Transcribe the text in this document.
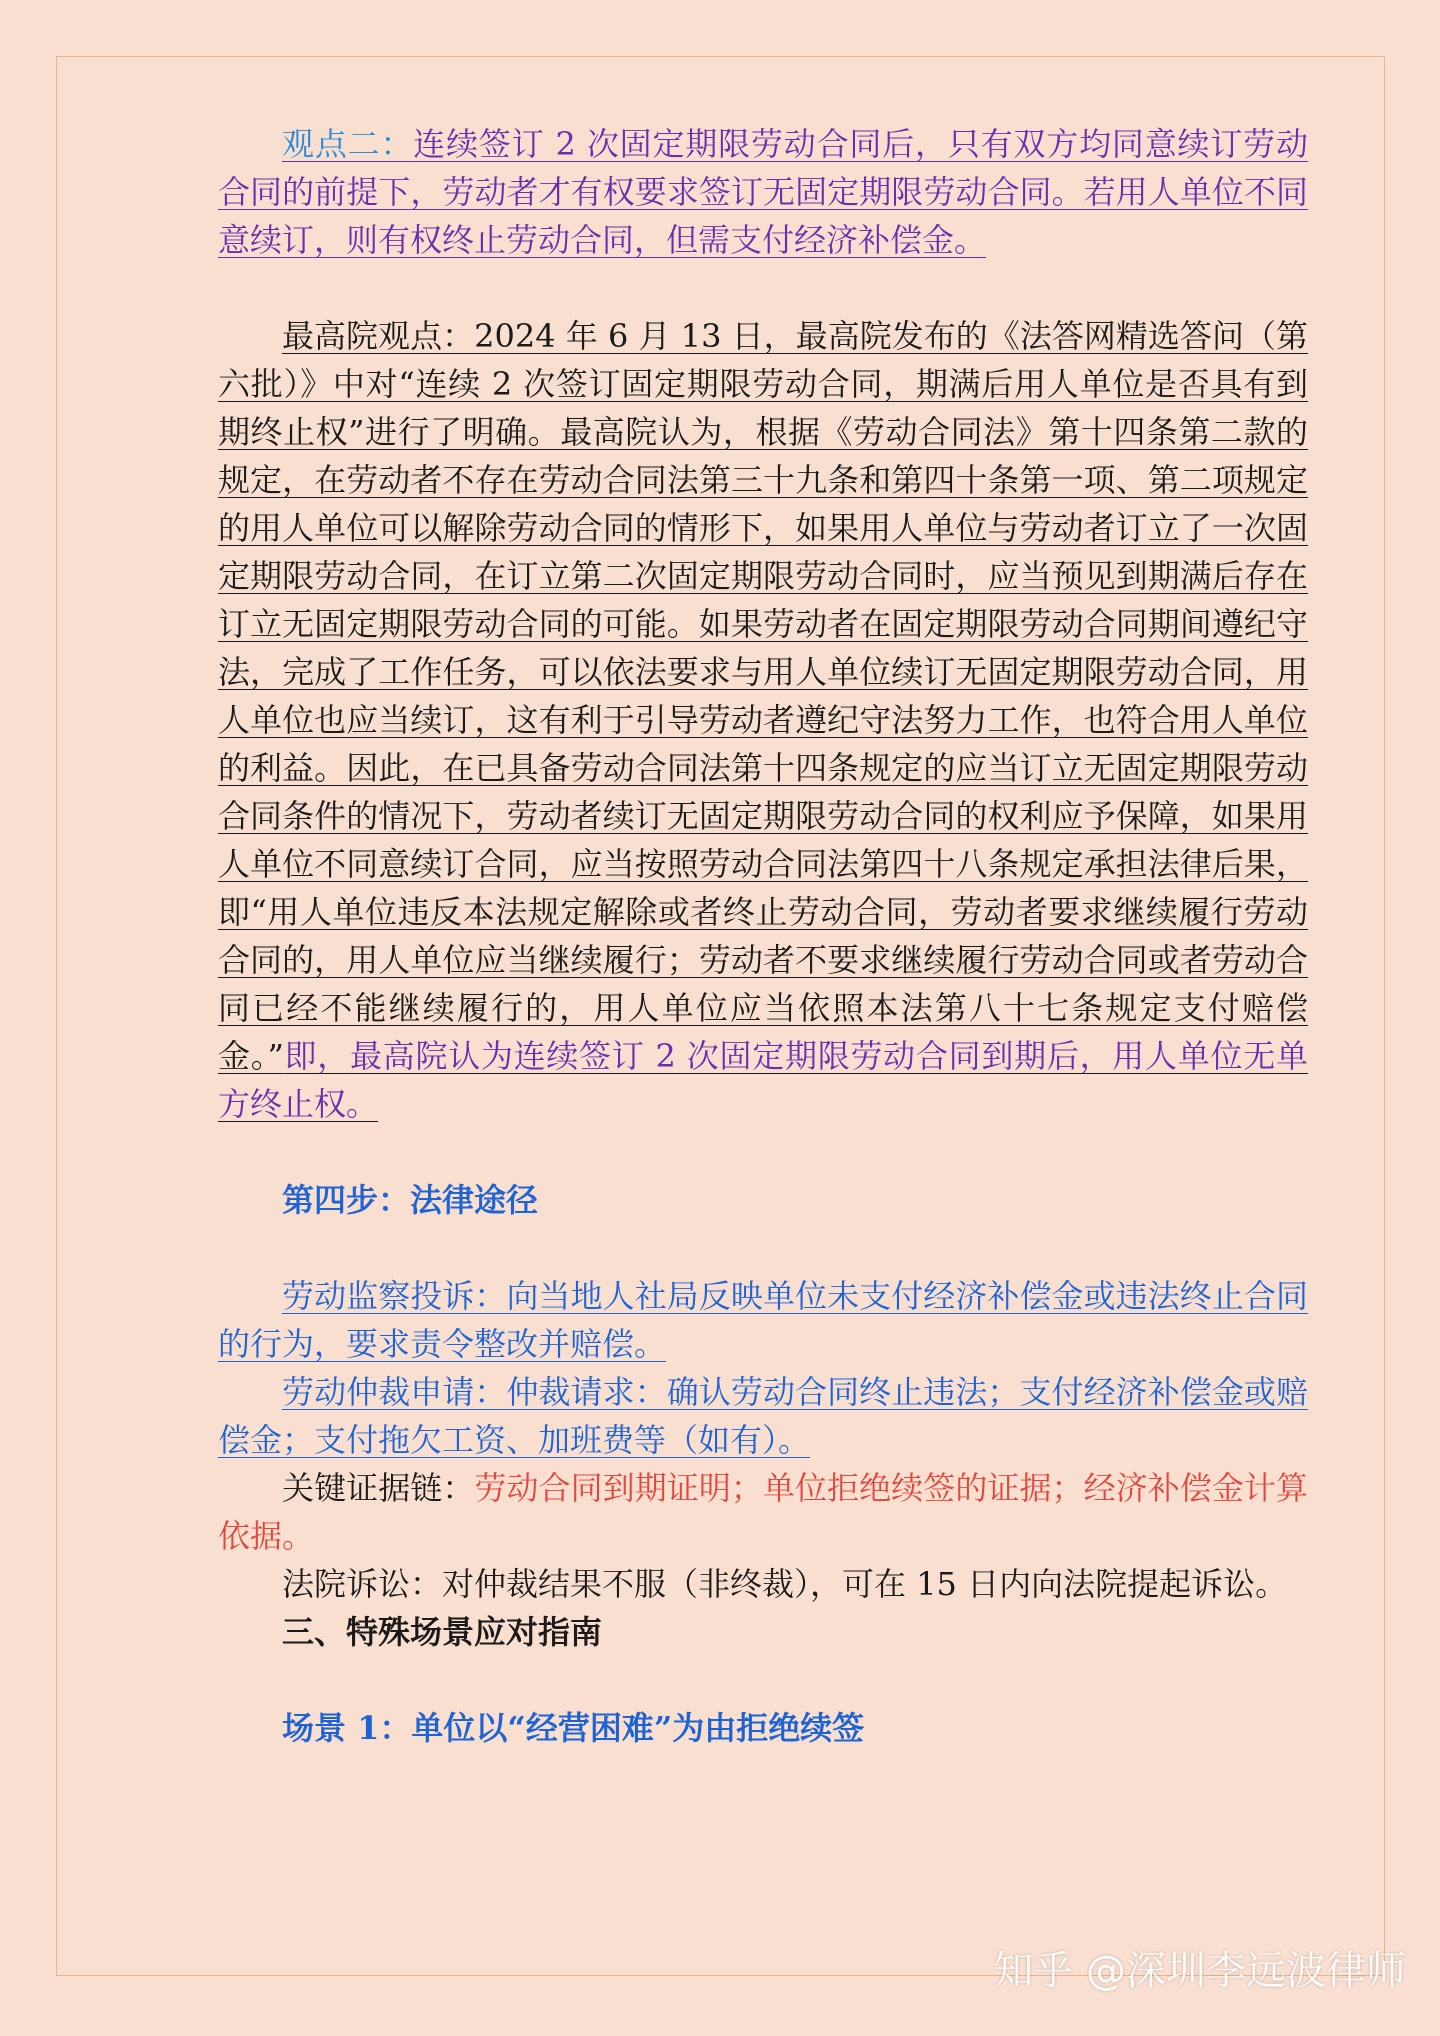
观点二：连续签订 2 次固定期限劳动合同后，只有双方均同意续订劳动合同的前提下，劳动者才有权要求签订无固定期限劳动合同。若用人单位不同意续订，则有权终止劳动合同，但需支付经济补偿金。

最高院观点：2024 年 6 月 13 日，最高院发布的《法答网精选答问（第六批）》中对“连续 2 次签订固定期限劳动合同，期满后用人单位是否具有到期终止权”进行了明确。最高院认为，根据《劳动合同法》第十四条第二款的规定，在劳动者不存在劳动合同法第三十九条和第四十条第一项、第二项规定的用人单位可以解除劳动合同的情形下，如果用人单位与劳动者订立了一次固定期限劳动合同，在订立第二次固定期限劳动合同时，应当预见到期满后存在订立无固定期限劳动合同的可能。如果劳动者在固定期限劳动合同期间遵纪守法，完成了工作任务，可以依法要求与用人单位续订无固定期限劳动合同，用人单位也应当续订，这有利于引导劳动者遵纪守法努力工作，也符合用人单位的利益。因此，在已具备劳动合同法第十四条规定的应当订立无固定期限劳动合同条件的情况下，劳动者续订无固定期限劳动合同的权利应予保障，如果用人单位不同意续订合同，应当按照劳动合同法第四十八条规定承担法律后果，即“用人单位违反本法规定解除或者终止劳动合同，劳动者要求继续履行劳动合同的，用人单位应当继续履行；劳动者不要求继续履行劳动合同或者劳动合同已经不能继续履行的，用人单位应当依照本法第八十七条规定支付赔偿金。”即，最高院认为连续签订 2 次固定期限劳动合同到期后，用人单位无单方终止权。

第四步：法律途径

劳动监察投诉：向当地人社局反映单位未支付经济补偿金或违法终止合同的行为，要求责令整改并赔偿。

劳动仲裁申请：仲裁请求：确认劳动合同终止违法；支付经济补偿金或赔偿金；支付拖欠工资、加班费等（如有）。

关键证据链：劳动合同到期证明；单位拒绝续签的证据；经济补偿金计算依据。

法院诉讼：对仲裁结果不服（非终裁），可在 15 日内向法院提起诉讼。

三、特殊场景应对指南

场景 1：单位以“经营困难”为由拒绝续签

知乎 @深圳李远波律师
